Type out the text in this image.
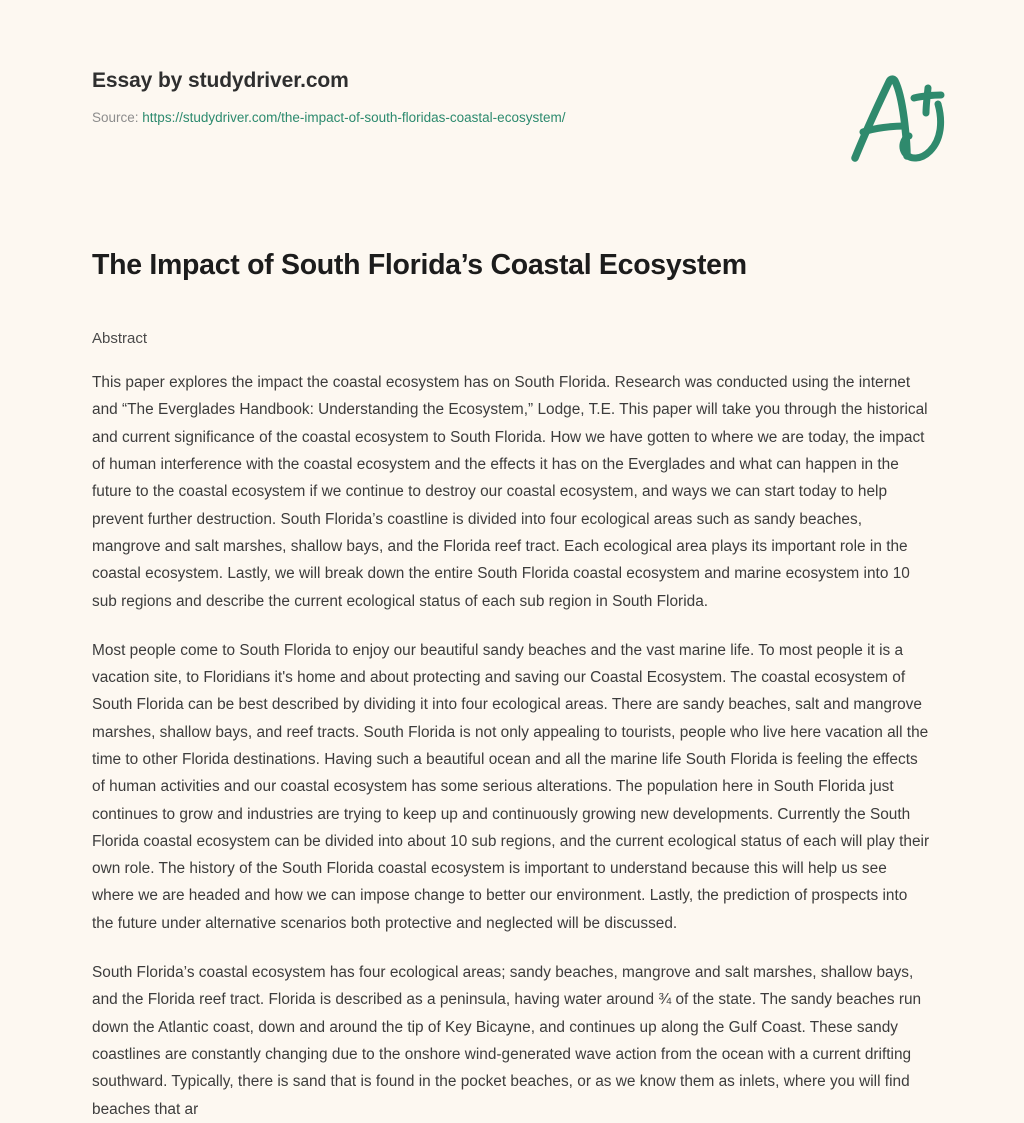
Essay by studydriver.com
Source: https://studydriver.com/the-impact-of-south-floridas-coastal-ecosystem/
The Impact of South Florida’s Coastal Ecosystem
Abstract

This paper explores the impact the coastal ecosystem has on South Florida. Research was conducted using the internet and “The Everglades Handbook: Understanding the Ecosystem,” Lodge, T.E. This paper will take you through the historical and current significance of the coastal ecosystem to South Florida. How we have gotten to where we are today, the impact of human interference with the coastal ecosystem and the effects it has on the Everglades and what can happen in the future to the coastal ecosystem if we continue to destroy our coastal ecosystem, and ways we can start today to help prevent further destruction. South Florida’s coastline is divided into four ecological areas such as sandy beaches, mangrove and salt marshes, shallow bays, and the Florida reef tract. Each ecological area plays its important role in the coastal ecosystem. Lastly, we will break down the entire South Florida coastal ecosystem and marine ecosystem into 10 sub regions and describe the current ecological status of each sub region in South Florida.

Most people come to South Florida to enjoy our beautiful sandy beaches and the vast marine life. To most people it is a vacation site, to Floridians it's home and about protecting and saving our Coastal Ecosystem. The coastal ecosystem of South Florida can be best described by dividing it into four ecological areas. There are sandy beaches, salt and mangrove marshes, shallow bays, and reef tracts. South Florida is not only appealing to tourists, people who live here vacation all the time to other Florida destinations. Having such a beautiful ocean and all the marine life South Florida is feeling the effects of human activities and our coastal ecosystem has some serious alterations. The population here in South Florida just continues to grow and industries are trying to keep up and continuously growing new developments. Currently the South Florida coastal ecosystem can be divided into about 10 sub regions, and the current ecological status of each will play their own role. The history of the South Florida coastal ecosystem is important to understand because this will help us see where we are headed and how we can impose change to better our environment. Lastly, the prediction of prospects into the future under alternative scenarios both protective and neglected will be discussed.

South Florida’s coastal ecosystem has four ecological areas; sandy beaches, mangrove and salt marshes, shallow bays, and the Florida reef tract. Florida is described as a peninsula, having water around ¾ of the state. The sandy beaches run down the Atlantic coast, down and around the tip of Key Bicayne, and continues up along the Gulf Coast. These sandy coastlines are constantly changing due to the onshore wind-generated wave action from the ocean with a current drifting southward. Typically, there is sand that is found in the pocket beaches, or as we know them as inlets, where you will find beaches that ar
